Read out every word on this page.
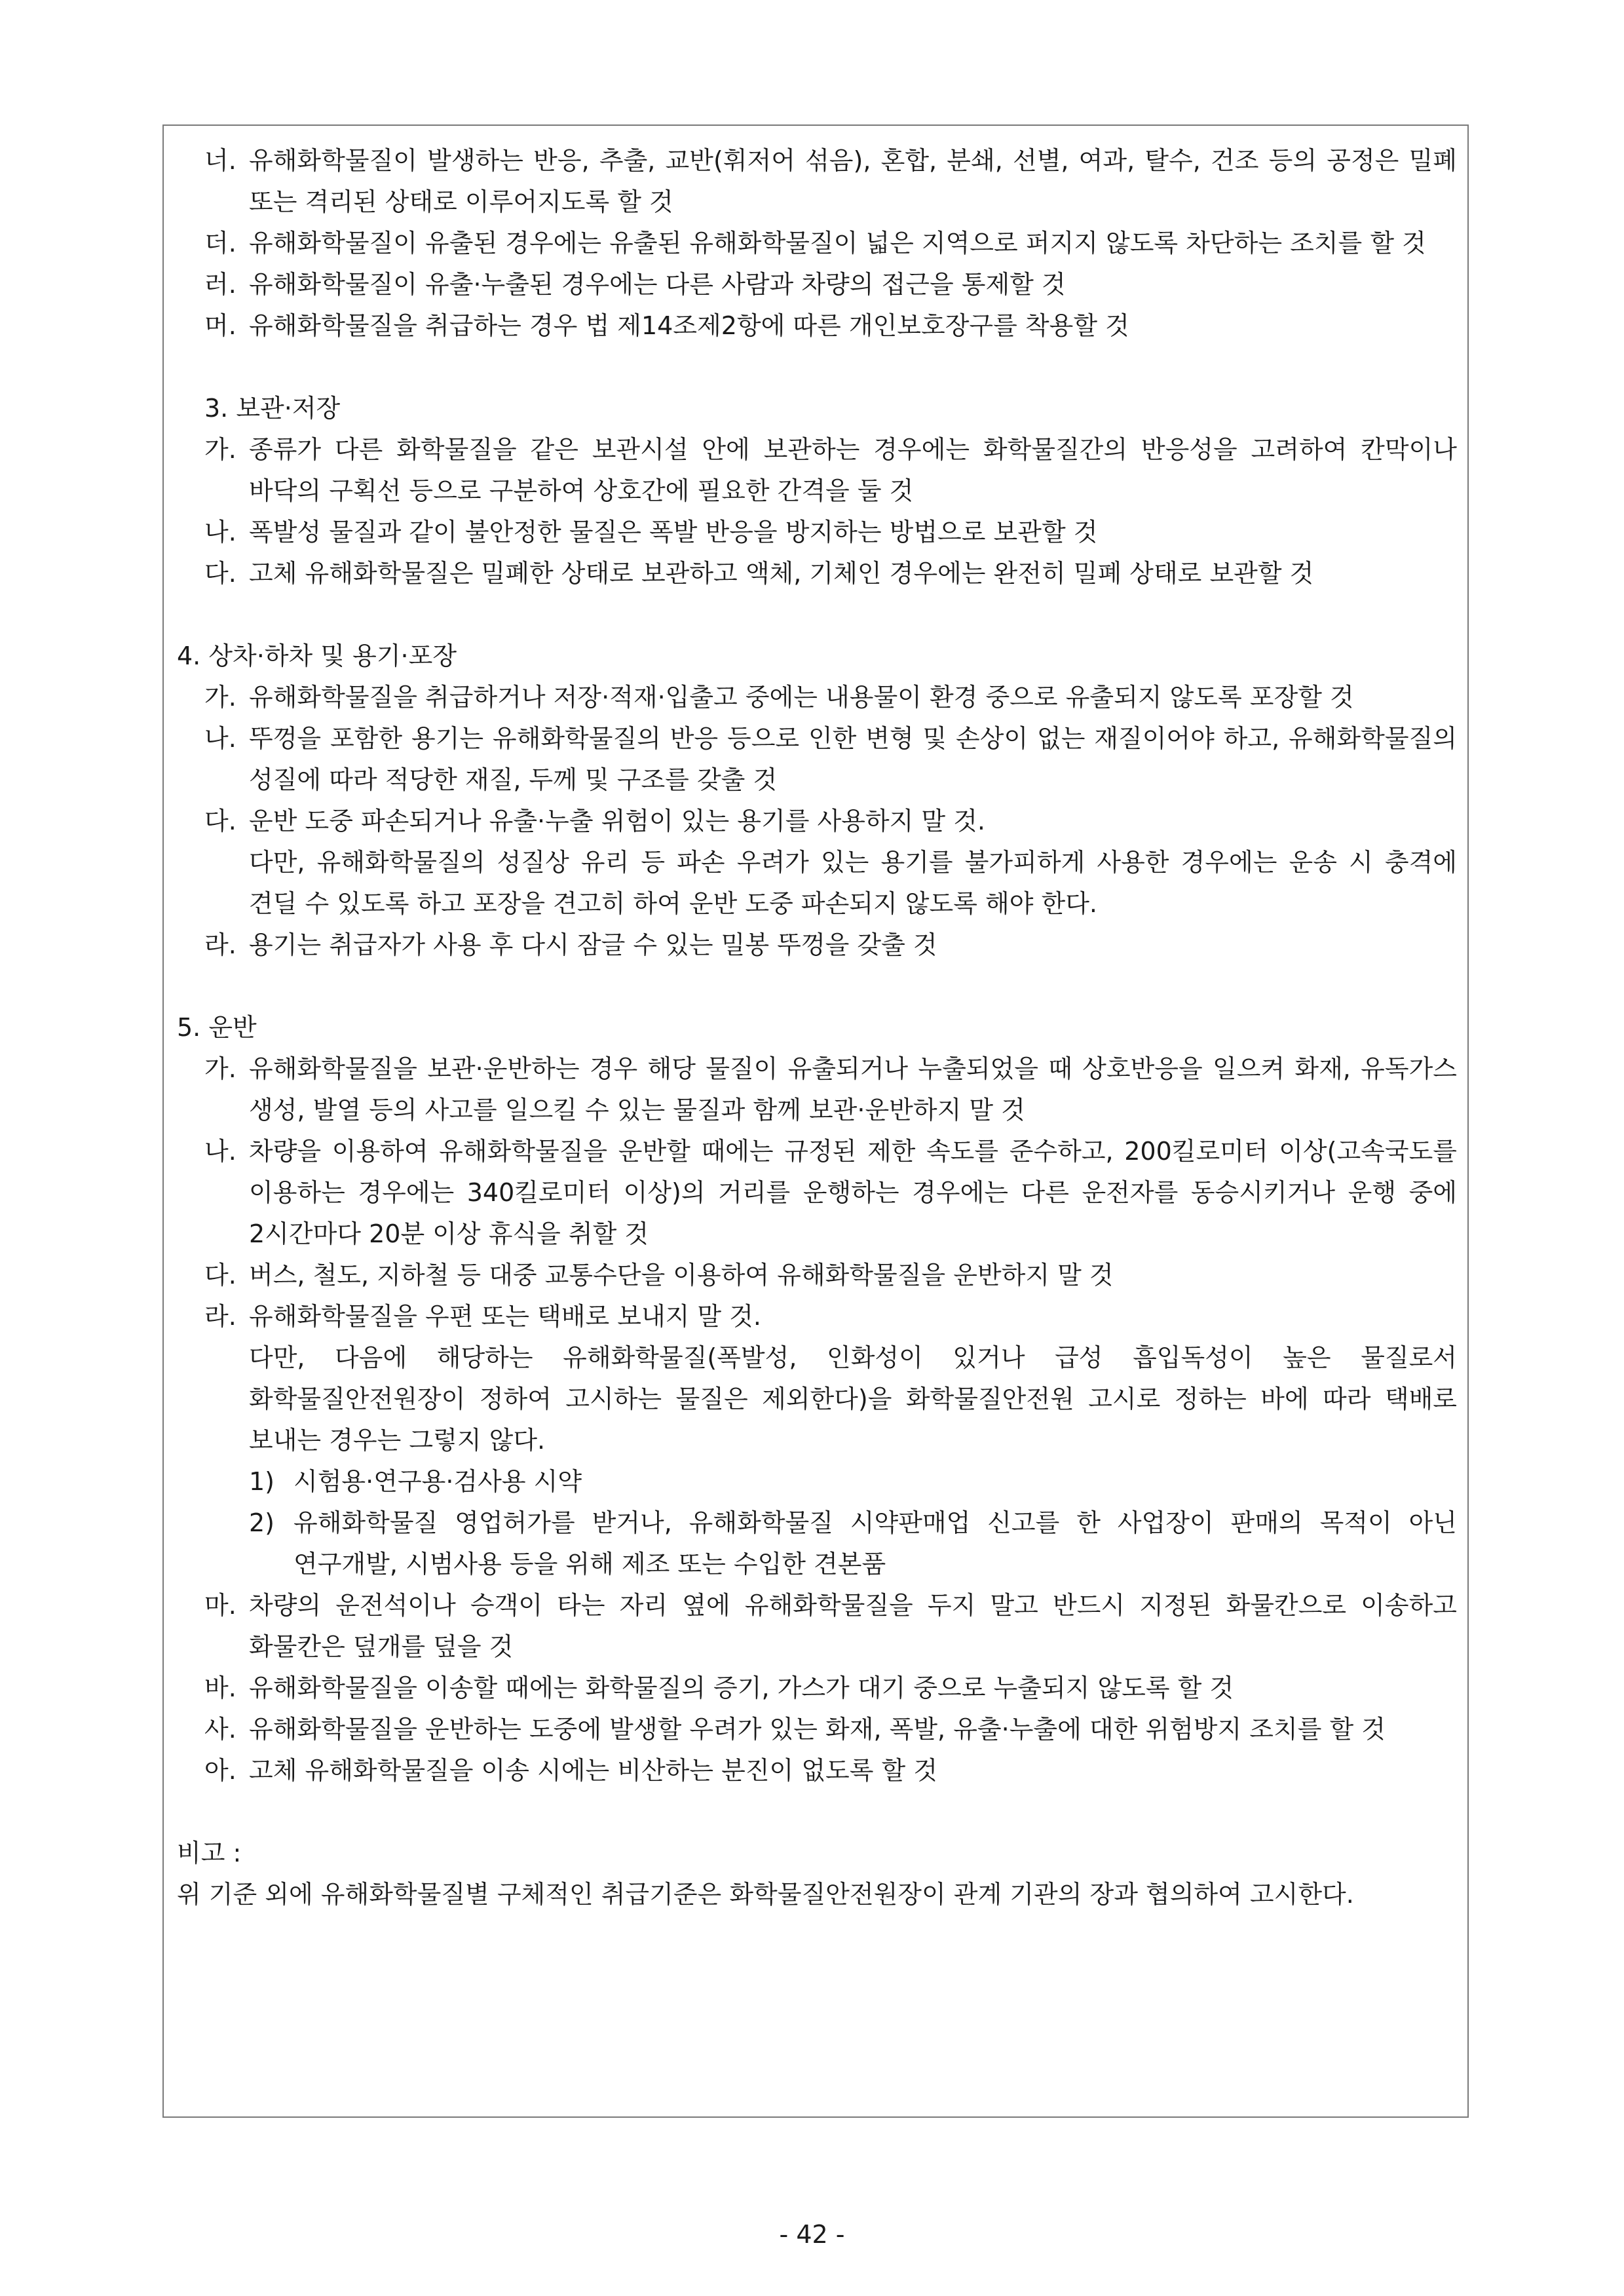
너. 유해화학물질이 발생하는 반응, 추출, 교반(휘저어 섞음), 혼합, 분쇄, 선별, 여과, 탈수, 건조 등의 공정은 밀폐 또는 격리된 상태로 이루어지도록 할 것
더. 유해화학물질이 유출된 경우에는 유출된 유해화학물질이 넓은 지역으로 퍼지지 않도록 차단하는 조치를 할 것
러. 유해화학물질이 유출·누출된 경우에는 다른 사람과 차량의 접근을 통제할 것
머. 유해화학물질을 취급하는 경우 법 제14조제2항에 따른 개인보호장구를 착용할 것
3. 보관·저장
가. 종류가 다른 화학물질을 같은 보관시설 안에 보관하는 경우에는 화학물질간의 반응성을 고려하여 칸막이나 바닥의 구획선 등으로 구분하여 상호간에 필요한 간격을 둘 것
나. 폭발성 물질과 같이 불안정한 물질은 폭발 반응을 방지하는 방법으로 보관할 것
다. 고체 유해화학물질은 밀폐한 상태로 보관하고 액체, 기체인 경우에는 완전히 밀폐 상태로 보관할 것
4. 상차·하차 및 용기·포장
가. 유해화학물질을 취급하거나 저장·적재·입출고 중에는 내용물이 환경 중으로 유출되지 않도록 포장할 것
나. 뚜껑을 포함한 용기는 유해화학물질의 반응 등으로 인한 변형 및 손상이 없는 재질이어야 하고, 유해화학물질의 성질에 따라 적당한 재질, 두께 및 구조를 갖출 것
다. 운반 도중 파손되거나 유출·누출 위험이 있는 용기를 사용하지 말 것.
다만, 유해화학물질의 성질상 유리 등 파손 우려가 있는 용기를 불가피하게 사용한 경우에는 운송 시 충격에 견딜 수 있도록 하고 포장을 견고히 하여 운반 도중 파손되지 않도록 해야 한다.
라. 용기는 취급자가 사용 후 다시 잠글 수 있는 밀봉 뚜껑을 갖출 것
5. 운반
가. 유해화학물질을 보관·운반하는 경우 해당 물질이 유출되거나 누출되었을 때 상호반응을 일으켜 화재, 유독가스 생성, 발열 등의 사고를 일으킬 수 있는 물질과 함께 보관·운반하지 말 것
나. 차량을 이용하여 유해화학물질을 운반할 때에는 규정된 제한 속도를 준수하고, 200킬로미터 이상(고속국도를 이용하는 경우에는 340킬로미터 이상)의 거리를 운행하는 경우에는 다른 운전자를 동승시키거나 운행 중에 2시간마다 20분 이상 휴식을 취할 것
다. 버스, 철도, 지하철 등 대중 교통수단을 이용하여 유해화학물질을 운반하지 말 것
라. 유해화학물질을 우편 또는 택배로 보내지 말 것.
다만, 다음에 해당하는 유해화학물질(폭발성, 인화성이 있거나 급성 흡입독성이 높은 물질로서 화학물질안전원장이 정하여 고시하는 물질은 제외한다)을 화학물질안전원 고시로 정하는 바에 따라 택배로 보내는 경우는 그렇지 않다.
1) 시험용·연구용·검사용 시약
2) 유해화학물질 영업허가를 받거나, 유해화학물질 시약판매업 신고를 한 사업장이 판매의 목적이 아닌 연구개발, 시범사용 등을 위해 제조 또는 수입한 견본품
마. 차량의 운전석이나 승객이 타는 자리 옆에 유해화학물질을 두지 말고 반드시 지정된 화물칸으로 이송하고 화물칸은 덮개를 덮을 것
바. 유해화학물질을 이송할 때에는 화학물질의 증기, 가스가 대기 중으로 누출되지 않도록 할 것
사. 유해화학물질을 운반하는 도중에 발생할 우려가 있는 화재, 폭발, 유출·누출에 대한 위험방지 조치를 할 것
아. 고체 유해화학물질을 이송 시에는 비산하는 분진이 없도록 할 것
비고 :
위 기준 외에 유해화학물질별 구체적인 취급기준은 화학물질안전원장이 관계 기관의 장과 협의하여 고시한다.
- 42 -
